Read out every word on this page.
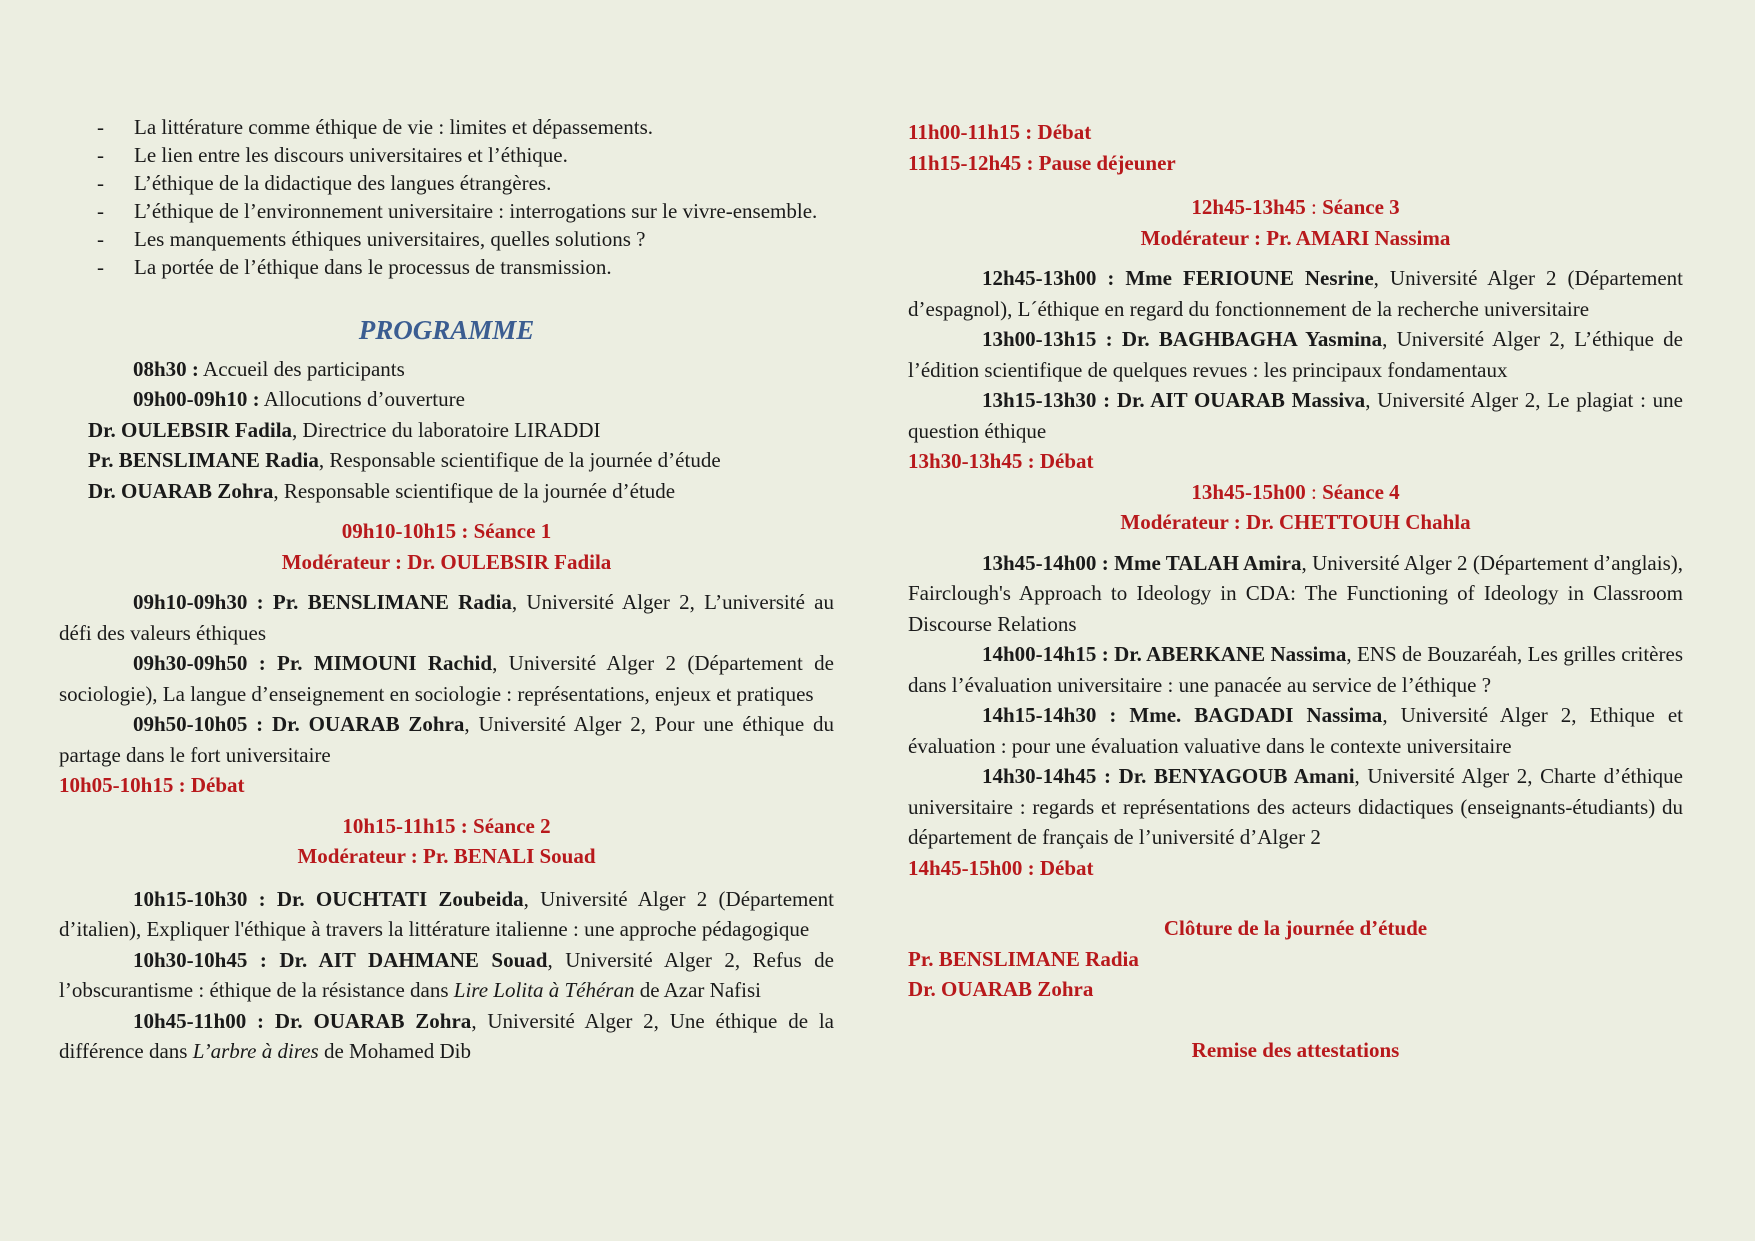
- La littérature comme éthique de vie : limites et dépassements.
- Le lien entre les discours universitaires et l’éthique.
- L’éthique de la didactique des langues étrangères.
- L’éthique de l’environnement universitaire : interrogations sur le vivre-ensemble.
- Les manquements éthiques universitaires, quelles solutions ?
- La portée de l’éthique dans le processus de transmission.
PROGRAMME
08h30 : Accueil des participants
09h00-09h10 : Allocutions d’ouverture
Dr. OULEBSIR Fadila, Directrice du laboratoire LIRADDI
Pr. BENSLIMANE Radia, Responsable scientifique de la journée d’étude
Dr. OUARAB Zohra, Responsable scientifique de la journée d’étude
09h10-10h15 : Séance 1
Modérateur : Dr. OULEBSIR Fadila
09h10-09h30 : Pr. BENSLIMANE Radia, Université Alger 2, L’université au défi des valeurs éthiques
09h30-09h50 : Pr. MIMOUNI Rachid, Université Alger 2 (Département de sociologie), La langue d’enseignement en sociologie : représentations, enjeux et pratiques
09h50-10h05 : Dr. OUARAB Zohra, Université Alger 2, Pour une éthique du partage dans le fort universitaire
10h05-10h15 : Débat
10h15-11h15 : Séance 2
Modérateur : Pr. BENALI Souad
10h15-10h30 : Dr. OUCHTATI Zoubeida, Université Alger 2 (Département d’italien), Expliquer l'éthique à travers la littérature italienne : une approche pédagogique
10h30-10h45 : Dr. AIT DAHMANE Souad, Université Alger 2, Refus de l’obscurantisme : éthique de la résistance dans Lire Lolita à Téhéran de Azar Nafisi
10h45-11h00 : Dr. OUARAB Zohra, Université Alger 2, Une éthique de la différence dans L’arbre à dires de Mohamed Dib
11h00-11h15 : Débat
11h15-12h45 : Pause déjeuner
12h45-13h45 : Séance 3
Modérateur : Pr. AMARI Nassima
12h45-13h00 : Mme FERIOUNE Nesrine, Université Alger 2 (Département d’espagnol), L´éthique en regard du fonctionnement de la recherche universitaire
13h00-13h15 : Dr. BAGHBAGHA Yasmina, Université Alger 2, L’éthique de l’édition scientifique de quelques revues : les principaux fondamentaux
13h15-13h30 : Dr. AIT OUARAB Massiva, Université Alger 2, Le plagiat : une question éthique
13h30-13h45 : Débat
13h45-15h00 : Séance 4
Modérateur : Dr. CHETTOUH Chahla
13h45-14h00 : Mme TALAH Amira, Université Alger 2 (Département d’anglais), Fairclough's Approach to Ideology in CDA: The Functioning of Ideology in Classroom Discourse Relations
14h00-14h15 : Dr. ABERKANE Nassima, ENS de Bouzaréah, Les grilles critères dans l’évaluation universitaire : une panacée au service de l’éthique ?
14h15-14h30 : Mme. BAGDADI Nassima, Université Alger 2, Ethique et évaluation : pour une évaluation valuative dans le contexte universitaire
14h30-14h45 : Dr. BENYAGOUB Amani, Université Alger 2, Charte d’éthique universitaire : regards et représentations des acteurs didactiques (enseignants-étudiants) du département de français de l’université d’Alger 2
14h45-15h00 : Débat
Clôture de la journée d’étude
Pr. BENSLIMANE Radia
Dr. OUARAB Zohra
Remise des attestations
